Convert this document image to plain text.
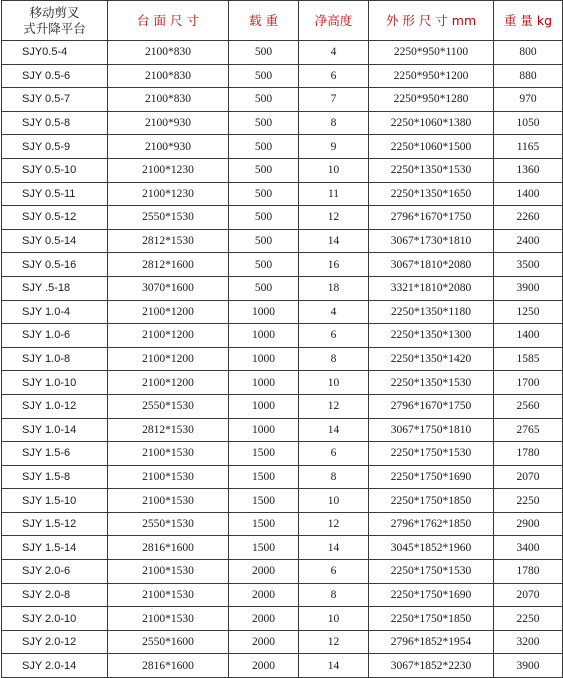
移动剪叉
式升降平台	台 面 尺 寸	载 重	净高度	外 形 尺 寸 mm	重 量 kg
SJY0.5-4	2100*830	500	4	2250*950*1100	800
SJY 0.5-6	2100*830	500	6	2250*950*1200	880
SJY 0.5-7	2100*830	500	7	2250*950*1280	970
SJY 0.5-8	2100*930	500	8	2250*1060*1380	1050
SJY 0.5-9	2100*930	500	9	2250*1060*1500	1165
SJY 0.5-10	2100*1230	500	10	2250*1350*1530	1360
SJY 0.5-11	2100*1230	500	11	2250*1350*1650	1400
SJY 0.5-12	2550*1530	500	12	2796*1670*1750	2260
SJY 0.5-14	2812*1530	500	14	3067*1730*1810	2400
SJY 0.5-16	2812*1600	500	16	3067*1810*2080	3500
SJY .5-18	3070*1600	500	18	3321*1810*2080	3900
SJY 1.0-4	2100*1200	1000	4	2250*1350*1180	1250
SJY 1.0-6	2100*1200	1000	6	2250*1350*1300	1400
SJY 1.0-8	2100*1200	1000	8	2250*1350*1420	1585
SJY 1.0-10	2100*1200	1000	10	2250*1350*1530	1700
SJY 1.0-12	2550*1530	1000	12	2796*1670*1750	2560
SJY 1.0-14	2812*1530	1000	14	3067*1750*1810	2765
SJY 1.5-6	2100*1530	1500	6	2250*1750*1530	1780
SJY 1.5-8	2100*1530	1500	8	2250*1750*1690	2070
SJY 1.5-10	2100*1530	1500	10	2250*1750*1850	2250
SJY 1.5-12	2550*1530	1500	12	2796*1762*1850	2900
SJY 1.5-14	2816*1600	1500	14	3045*1852*1960	3400
SJY 2.0-6	2100*1530	2000	6	2250*1750*1530	1780
SJY 2.0-8	2100*1530	2000	8	2250*1750*1690	2070
SJY 2.0-10	2100*1530	2000	10	2250*1750*1850	2250
SJY 2.0-12	2550*1600	2000	12	2796*1852*1954	3200
SJY 2.0-14	2816*1600	2000	14	3067*1852*2230	3900
